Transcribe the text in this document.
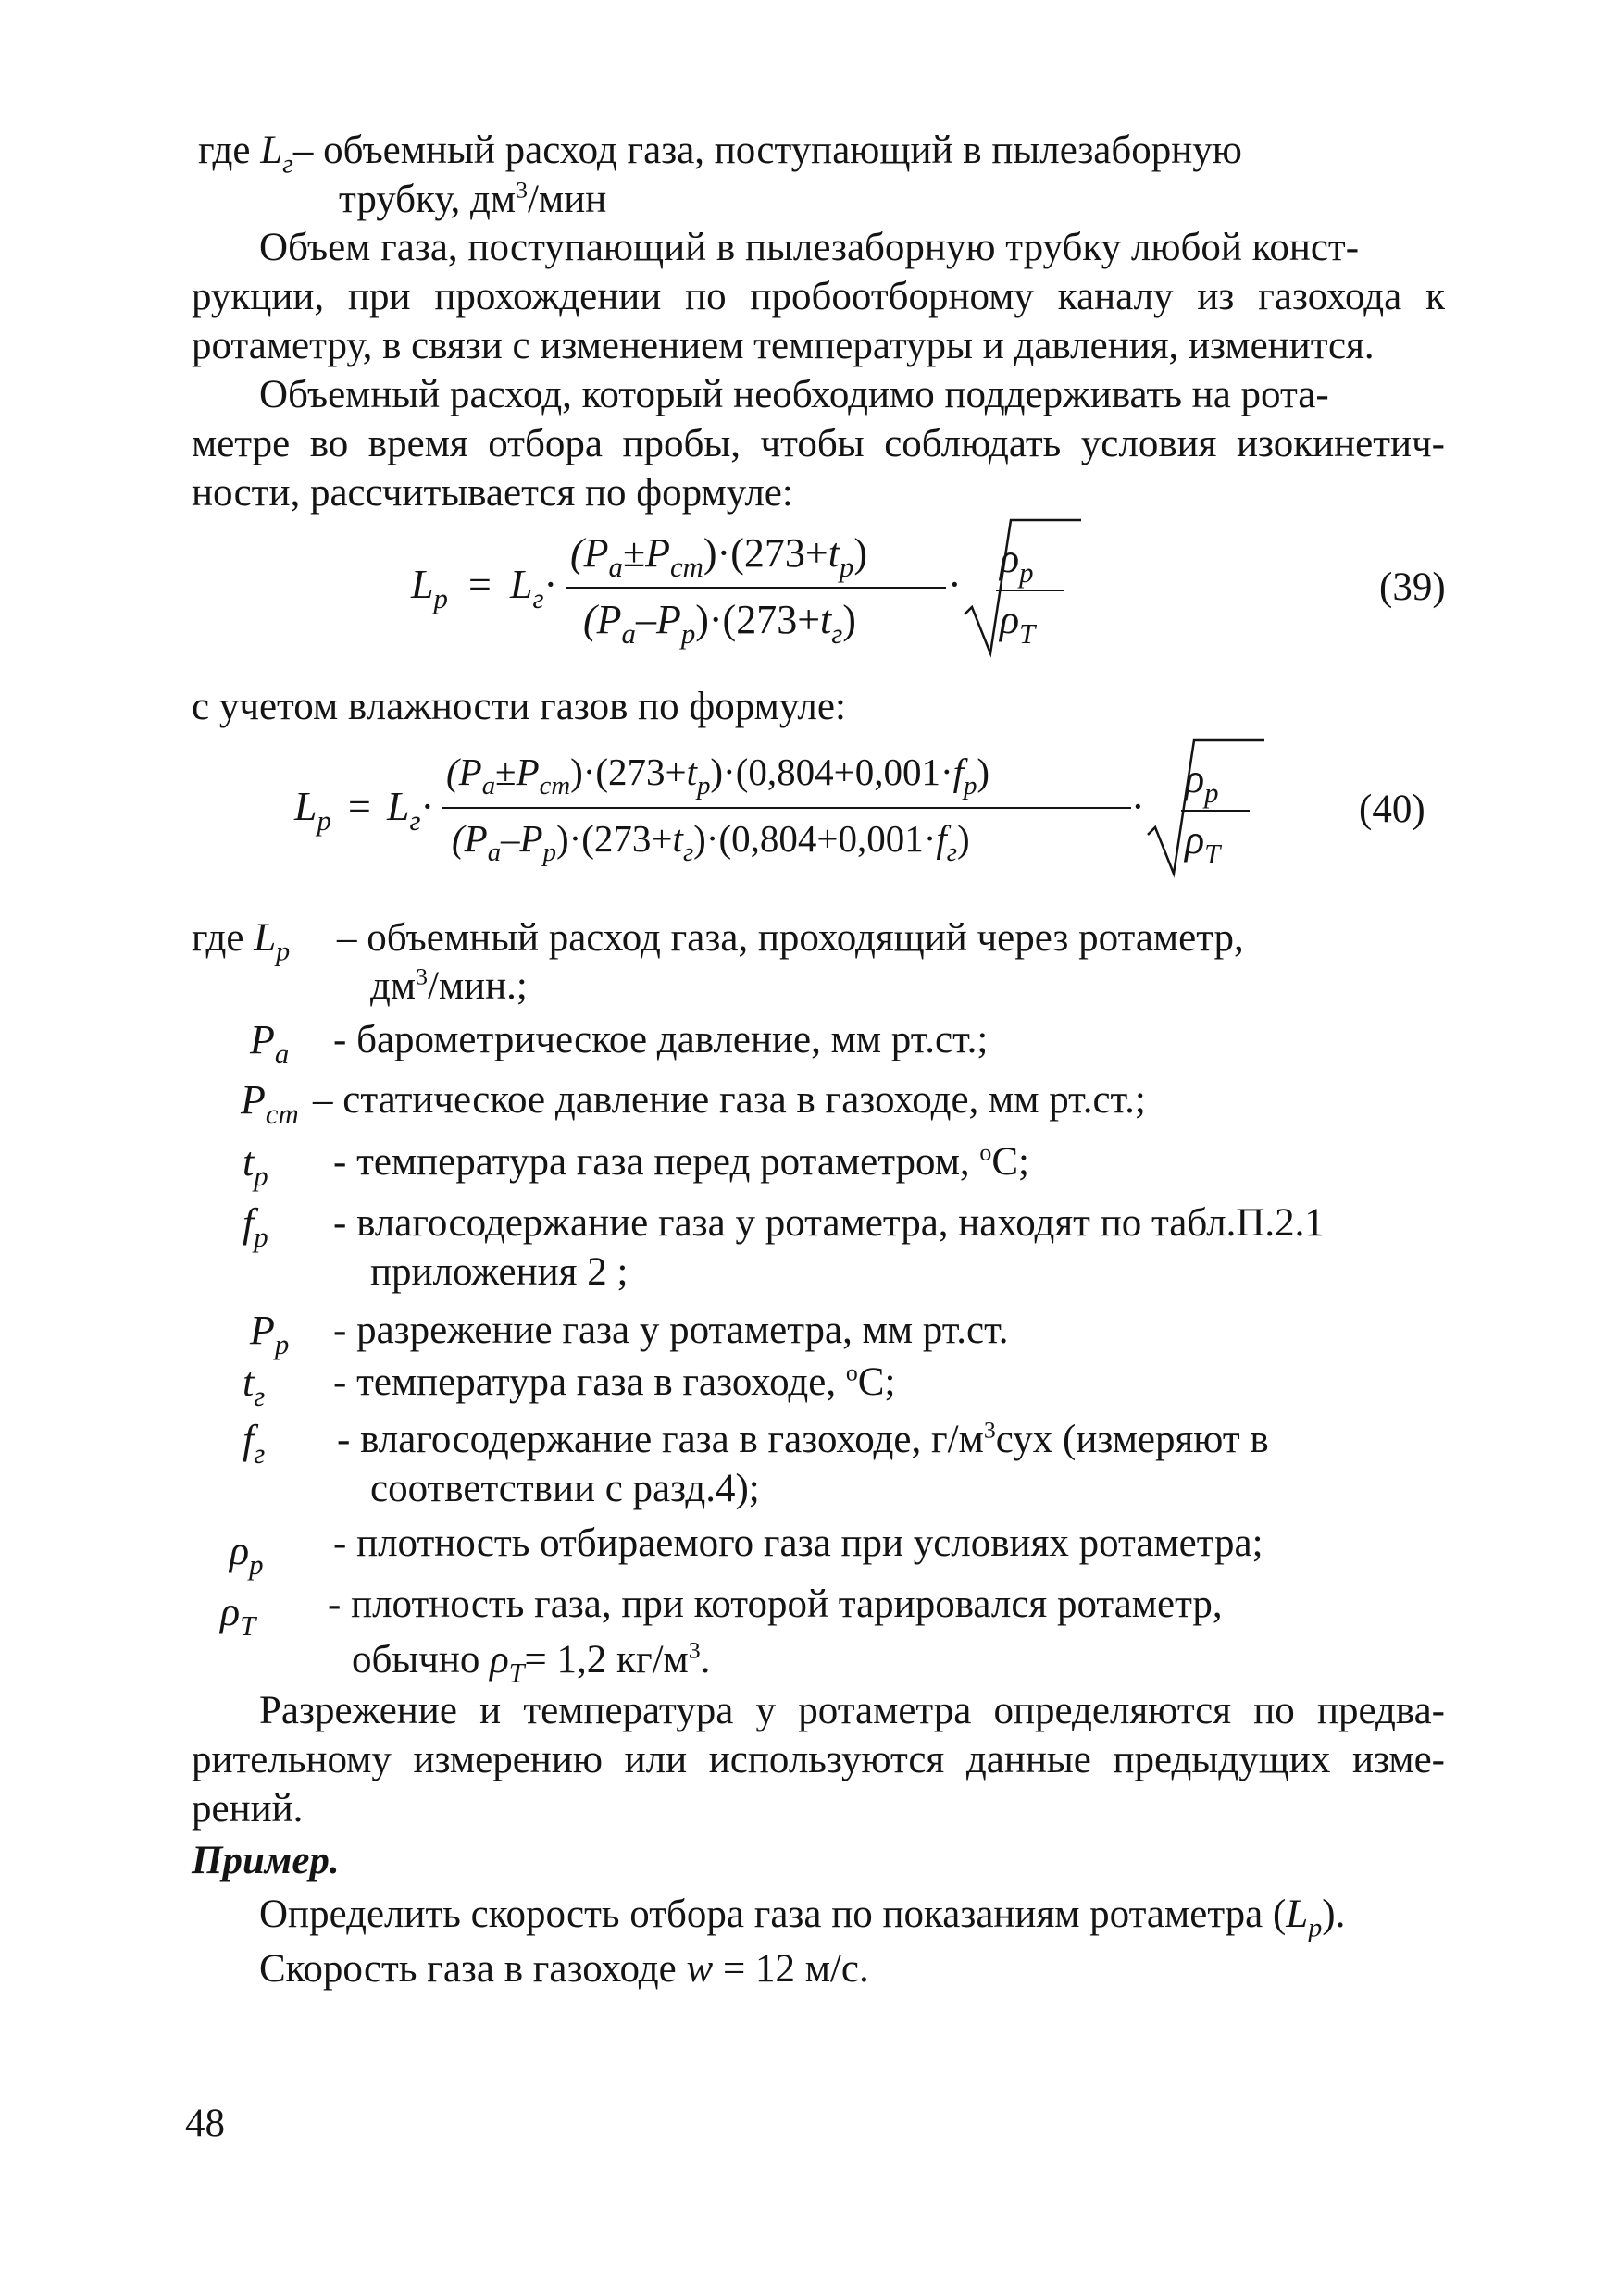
где $L_г-$ объемный расход газа, поступающий в пылезаборную
трубку, $дм^3$/мин
Объем газа, поступающий в пылезаборную трубку любой конст-
рукции, при прохождении по пробоотборному каналу из газохода к
ротаметру, в связи с изменением температуры и давления, изменится.
Объемный расход, который необходимо поддерживать на рота-
метре во время отбора пробы, чтобы соблюдать условия изокинетич-
ности, рассчитывается по формуле:
$L_p = L_г\cdot$
$(P_a\pm P_{cm})\cdot(273+t_p)$
$(P_a-P_p)\cdot(273+t_г)$
·
$\rho_p$
$\rho_T$
(39)
с учетом влажности газов по формуле:
$L_p = L_г\cdot$
$(P_a\pm P_{cm})\cdot(273+t_p)\cdot(0,804+0,001\cdot f_p)$
$(P_a-P_p)\cdot(273+t_г)\cdot(0,804+0,001\cdot f_г)$
·
$\rho_p$
$\rho_T$
(40)
где $L_p$ – объемный расход газа, проходящий через ротаметр,
$дм^3$/мин.;
$P_a$ - барометрическое давление, мм рт.ст.;
$P_{cт}$ – статическое давление газа в газоходе, мм рт.ст.;
$t_p$ - температура газа перед ротаметром, $^o$C;
$f_p$ - влагосодержание газа у ротаметра, находят по табл.П.2.1
приложения 2 ;
$P_p$ - разрежение газа у ротаметра, мм рт.ст.
$t_г$ - температура газа в газоходе, $^o$C;
$f_г$ - влагосодержание газа в газоходе, $г/м^3сух$ (измеряют в
соответствии с разд.4);
$\rho_p$ - плотность отбираемого газа при условиях ротаметра;
$\rho_T$ - плотность газа, при которой тарировался ротаметр,
обычно $\rho_T= 1,2$ $кг/м^3$.
Разрежение и температура у ротаметра определяются по предва-
рительному измерению или используются данные предыдущих изме-
рений.
Пример.
Определить скорость отбора газа по показаниям ротаметра $(L_p)$.
Скорость газа в газоходе w = 12 м/с.
48
